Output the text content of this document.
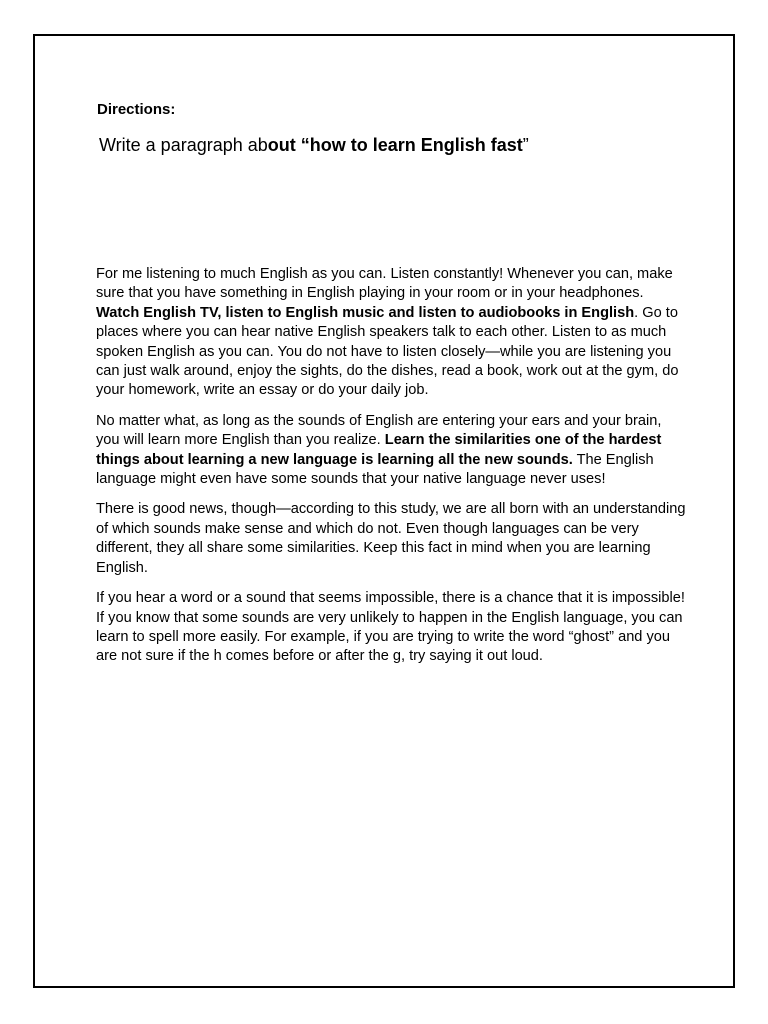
Directions:

Write a paragraph about “how to learn English fast”

For me listening to much English as you can. Listen constantly! Whenever you can, make sure that you have something in English playing in your room or in your headphones. Watch English TV, listen to English music and listen to audiobooks in English. Go to places where you can hear native English speakers talk to each other. Listen to as much spoken English as you can. You do not have to listen closely—while you are listening you can just walk around, enjoy the sights, do the dishes, read a book, work out at the gym, do your homework, write an essay or do your daily job.

No matter what, as long as the sounds of English are entering your ears and your brain, you will learn more English than you realize. Learn the similarities one of the hardest things about learning a new language is learning all the new sounds. The English language might even have some sounds that your native language never uses!

There is good news, though—according to this study, we are all born with an understanding of which sounds make sense and which do not. Even though languages can be very different, they all share some similarities. Keep this fact in mind when you are learning English.

If you hear a word or a sound that seems impossible, there is a chance that it is impossible! If you know that some sounds are very unlikely to happen in the English language, you can learn to spell more easily. For example, if you are trying to write the word “ghost” and you are not sure if the h comes before or after the g, try saying it out loud.
